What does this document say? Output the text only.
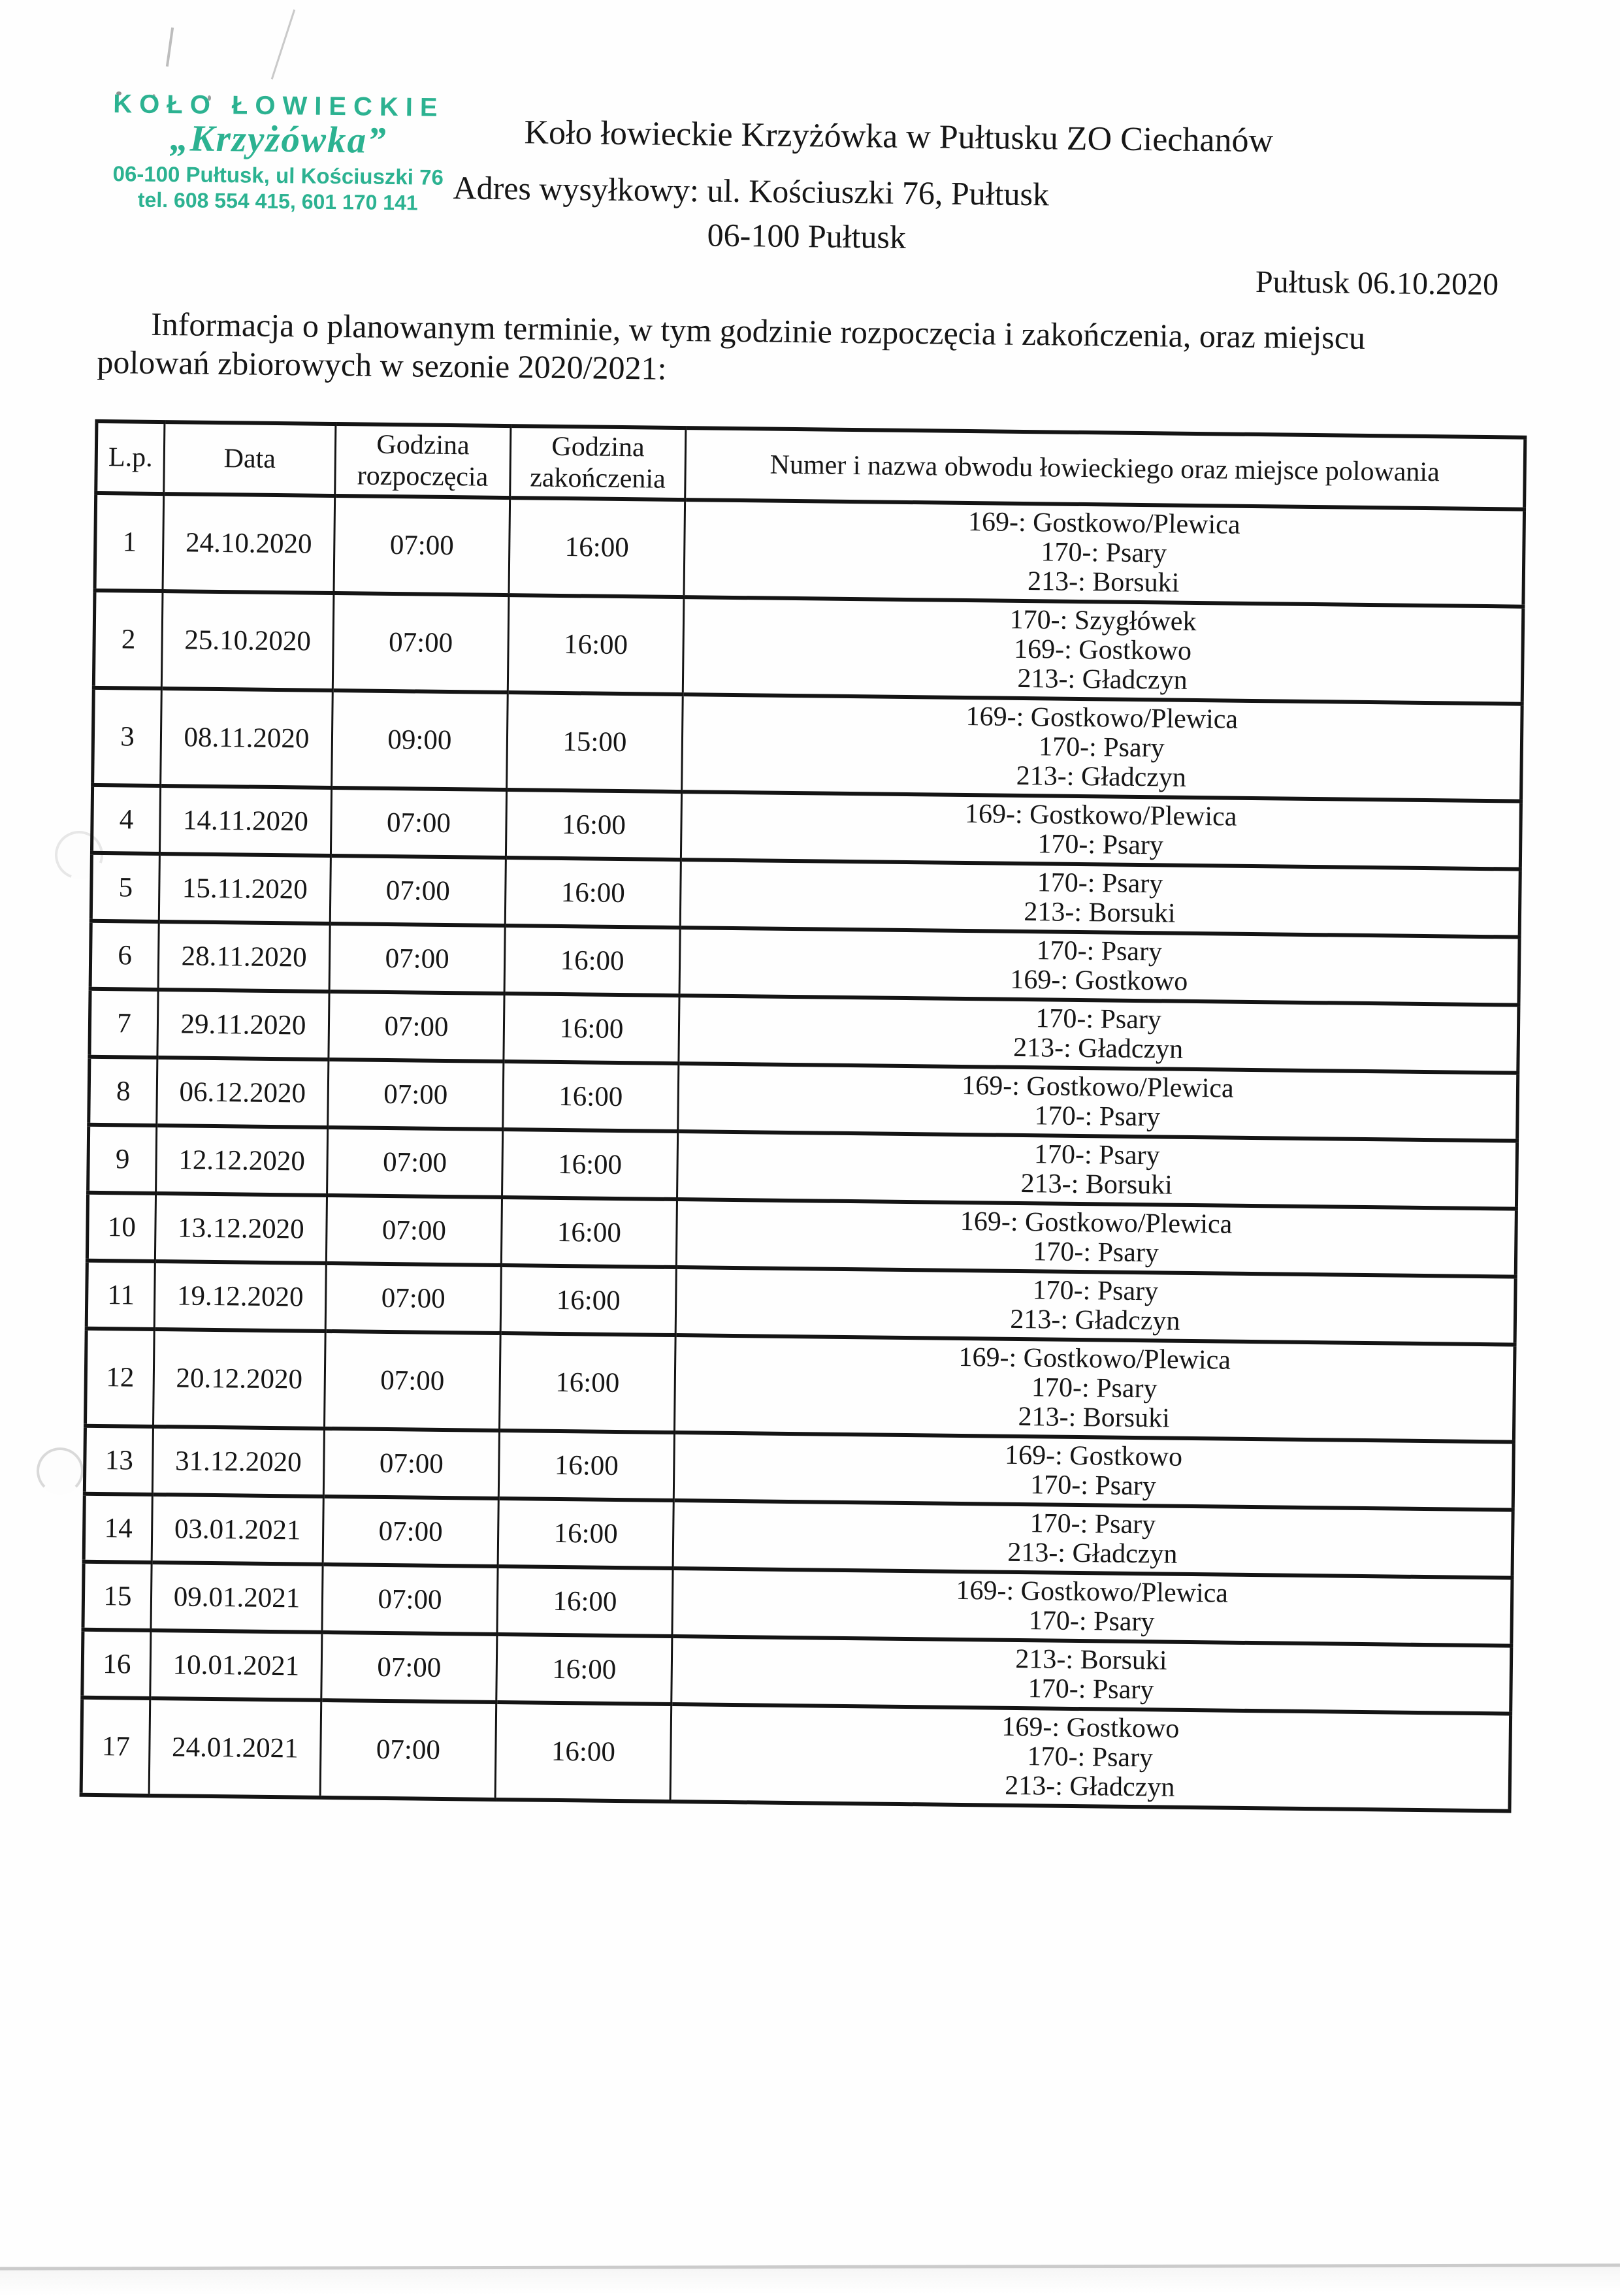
KOŁO ŁOWIECKIE
„Krzyżówka”
06-100 Pułtusk, ul Kościuszki 76
tel. 608 554 415, 601 170 141
Koło łowieckie Krzyżówka w Pułtusku ZO Ciechanów
Adres wysyłkowy: ul. Kościuszki 76, Pułtusk
06-100 Pułtusk
Pułtusk 06.10.2020
Informacja o planowanym terminie, w tym godzinie rozpoczęcia i zakończenia, oraz miejscu polowań zbiorowych w sezonie 2020/2021:
L.p.	Data	Godzina rozpoczęcia	Godzina zakończenia	Numer i nazwa obwodu łowieckiego oraz miejsce polowania
1	24.10.2020	07:00	16:00	169-: Gostkowo/Plewica
170-: Psary
213-: Borsuki

2	25.10.2020	07:00	16:00	170-: Szygłówek
169-: Gostkowo
213-: Gładczyn

3	08.11.2020	09:00	15:00	169-: Gostkowo/Plewica
170-: Psary
213-: Gładczyn

4	14.11.2020	07:00	16:00	169-: Gostkowo/Plewica
170-: Psary

5	15.11.2020	07:00	16:00	170-: Psary
213-: Borsuki

6	28.11.2020	07:00	16:00	170-: Psary
169-: Gostkowo

7	29.11.2020	07:00	16:00	170-: Psary
213-: Gładczyn

8	06.12.2020	07:00	16:00	169-: Gostkowo/Plewica
170-: Psary

9	12.12.2020	07:00	16:00	170-: Psary
213-: Borsuki

10	13.12.2020	07:00	16:00	169-: Gostkowo/Plewica
170-: Psary

11	19.12.2020	07:00	16:00	170-: Psary
213-: Gładczyn

12	20.12.2020	07:00	16:00	169-: Gostkowo/Plewica
170-: Psary
213-: Borsuki

13	31.12.2020	07:00	16:00	169-: Gostkowo
170-: Psary

14	03.01.2021	07:00	16:00	170-: Psary
213-: Gładczyn

15	09.01.2021	07:00	16:00	169-: Gostkowo/Plewica
170-: Psary

16	10.01.2021	07:00	16:00	213-: Borsuki
170-: Psary

17	24.01.2021	07:00	16:00	169-: Gostkowo
170-: Psary
213-: Gładczyn
